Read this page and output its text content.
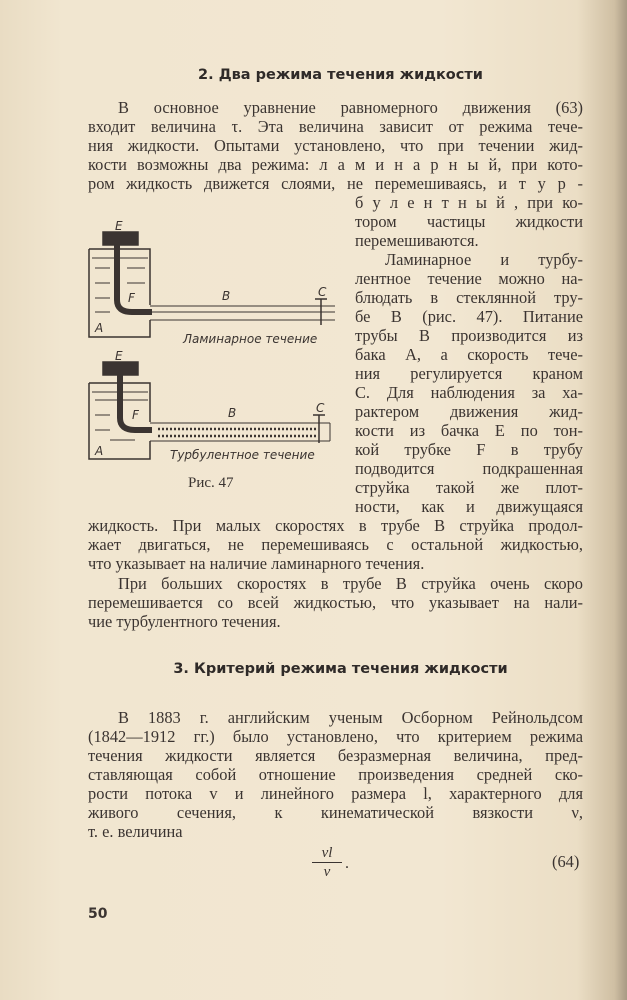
2. Два режима течения жидкости
В основное уравнение равномерного движения (63)
входит величина τ. Эта величина зависит от режима тече-
ния жидкости. Опытами установлено, что при течении жид-
кости возможны два режима: л а м и н а р н ы й, при кото-
ром жидкость движется слоями, не перемешиваясь, и т у р -
б у л е н т н ы й , при ко-
тором частицы жидкости
перемешиваются.
Ламинарное и турбу-
лентное течение можно на-
блюдать в стеклянной тру-
бе B (рис. 47). Питание
трубы B производится из
бака A, а скорость тече-
ния регулируется краном
C. Для наблюдения за ха-
рактером движения жид-
кости из бачка E по тон-
кой трубке F в трубу
подводится подкрашенная
струйка такой же плот-
ности, как и движущаяся
жидкость. При малых скоростях в трубе B струйка продол-
жает двигаться, не перемешиваясь с остальной жидкостью,
что указывает на наличие ламинарного течения.
При больших скоростях в трубе B струйка очень скоро
перемешивается со всей жидкостью, что указывает на нали-
чие турбулентного течения.
E
F
A
B	C
Ламинарное течение
E
F
A
B	C
Турбулентное течение
Рис. 47
3. Критерий режима течения жидкости
В 1883 г. английским ученым Осборном Рейнольдсом
(1842—1912 гг.) было установлено, что критерием режима
течения жидкости является безразмерная величина, пред-
ставляющая собой отношение произведения средней ско-
рости потока v и линейного размера l, характерного для
живого сечения, к кинематической вязкости ν,
т. е. величина
$\frac{vl}{\nu}$ .	(64)
50
